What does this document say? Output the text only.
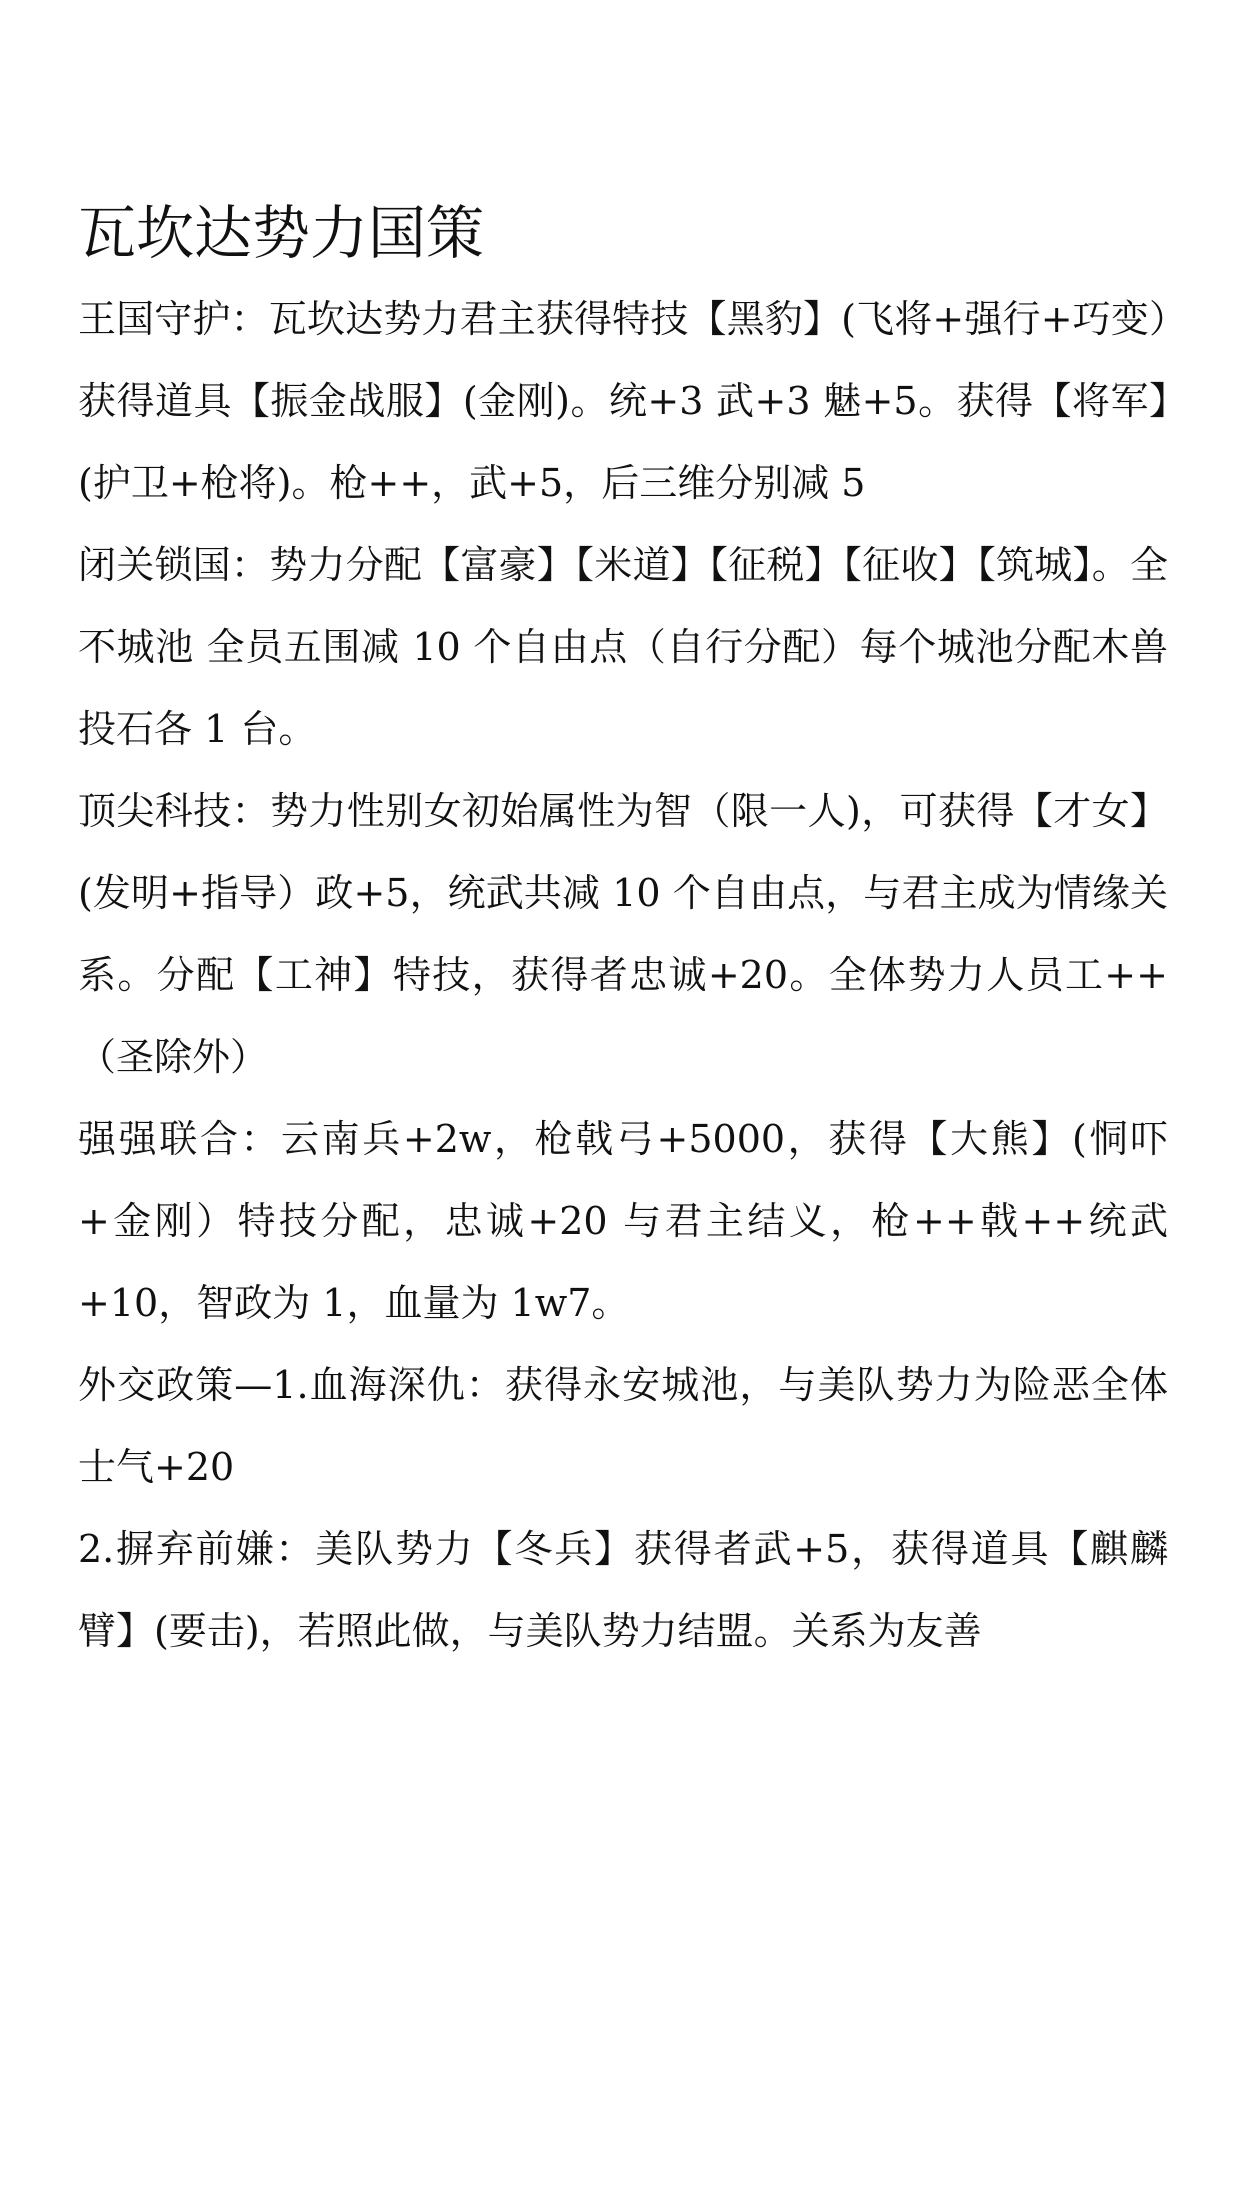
瓦坎达势力国策

王国守护：瓦坎达势力君主获得特技【黑豹】(飞将+强行+巧变）获得道具【振金战服】(金刚)。统+3 武+3 魅+5。获得【将军】(护卫+枪将)。枪++，武+5，后三维分别减 5

闭关锁国：势力分配【富豪】【米道】【征税】【征收】【筑城】。全不城池 全员五围减 10 个自由点（自行分配）每个城池分配木兽投石各 1 台。

顶尖科技：势力性别女初始属性为智（限一人)，可获得【才女】(发明+指导）政+5，统武共减 10 个自由点，与君主成为情缘关系。分配【工神】特技，获得者忠诚+20。全体势力人员工++（圣除外）

强强联合：云南兵+2w，枪戟弓+5000，获得【大熊】(恫吓+金刚）特技分配，忠诚+20 与君主结义，枪++戟++统武+10，智政为 1，血量为 1w7。

外交政策—1.血海深仇：获得永安城池，与美队势力为险恶全体士气+20

2.摒弃前嫌：美队势力【冬兵】获得者武+5，获得道具【麒麟臂】(要击)，若照此做，与美队势力结盟。关系为友善
